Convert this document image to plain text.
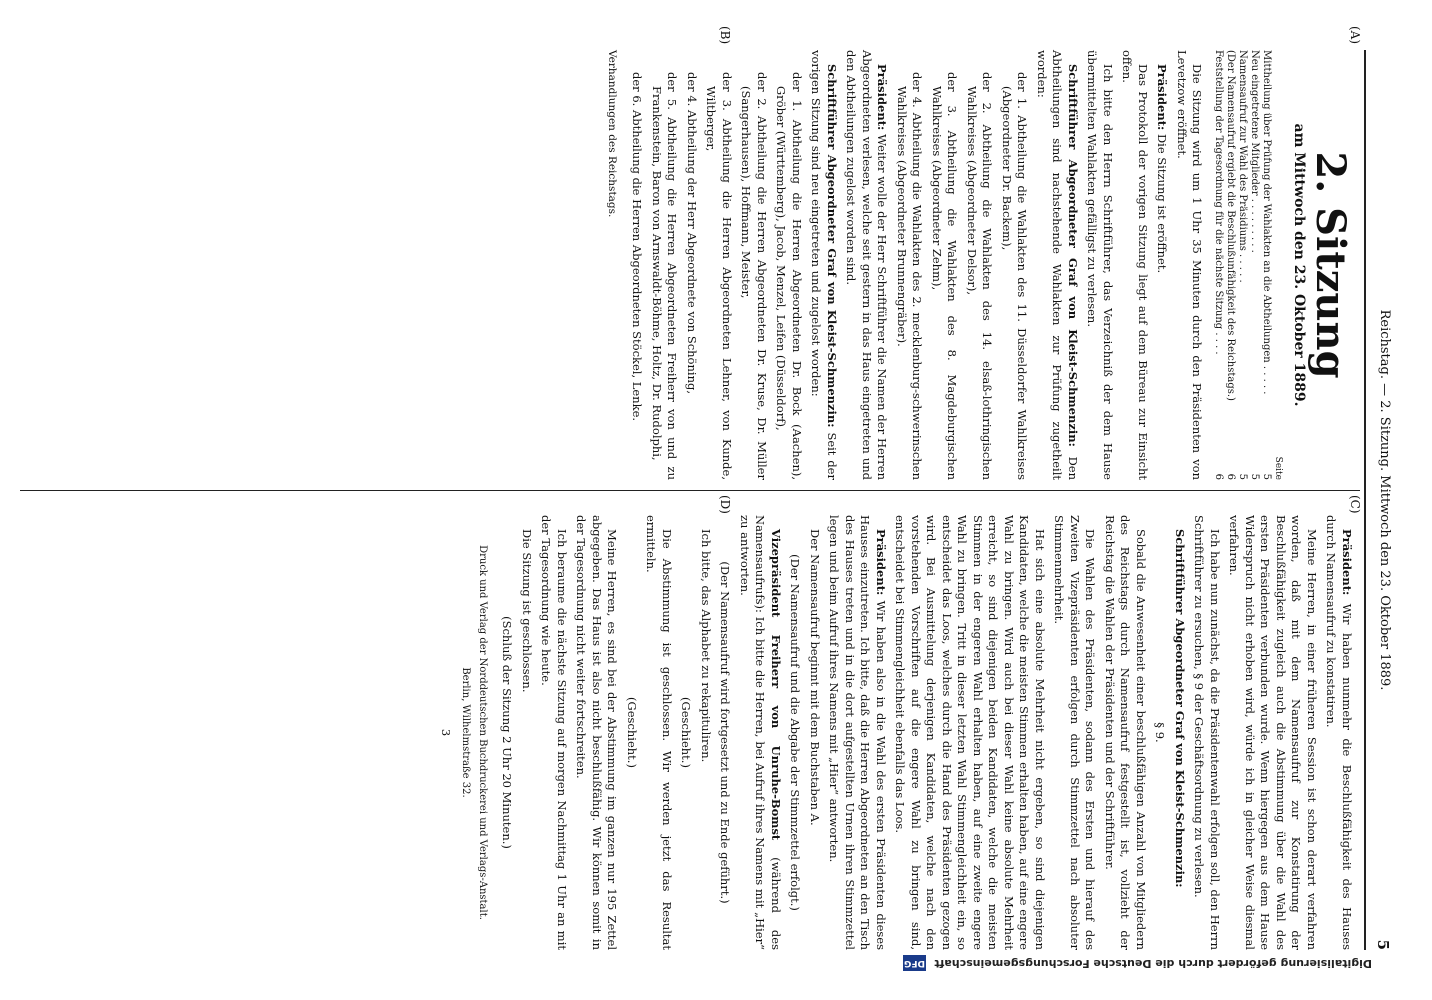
Reichstag. — 2. Sitzung. Mittwoch den 23. Oktober 1889.
5
(A)
(B)
(C)
(D)

2. Sitzung

am Mittwoch den 23. Oktober 1889.

Seite
Mittheilung über Prüfung der Wahlakten an die Abtheilungen . . . . .
5
Neu eingetretene Mitglieder . . . . . . . . .
5
Namensaufruf zur Wahl des Präsidiums . . . . .
5
(Der Namensaufruf ergiebt die Beschlußunfähigkeit des Reichstags.)
6
Feststellung der Tagesordnung für die nächste Sitzung . . . .
6

Die Sitzung wird um 1 Uhr 35 Minuten durch den Präsidenten von Levetzow eröffnet.

Präsident: Die Sitzung ist eröffnet.

Das Protokoll der vorigen Sitzung liegt auf dem Büreau zur Einsicht offen.

Ich bitte den Herrn Schriftführer, das Verzeichniß der dem Hause übermittelten Wahlakten gefälligst zu verlesen.

Schriftführer Abgeordneter Graf von Kleist-Schmenzin: Den Abtheilungen sind nachstehende Wahlakten zur Prüfung zugetheilt worden:

der 1. Abtheilung die Wahlakten des 11. Düsseldorfer Wahlkreises (Abgeordneter Dr. Backem),

der 2. Abtheilung die Wahlakten des 14. elsaß-lothringischen Wahlkreises (Abgeordneter Delsor),

der 3. Abtheilung die Wahlakten des 8. Magdeburgischen Wahlkreises (Abgeordneter Zehm),

der 4. Abtheilung die Wahlakten des 2. mecklenburg-schwerinschen Wahlkreises (Abgeordneter Brunnengräber).

Präsident: Weiter wolle der Herr Schriftführer die Namen der Herren Abgeordneten verlesen, welche seit gestern in das Haus eingetreten und den Abtheilungen zugelost worden sind.

Schriftführer Abgeordneter Graf von Kleist-Schmenzin: Seit der vorigen Sitzung sind neu eingetreten und zugelost worden:

der 1. Abtheilung die Herren Abgeordneten Dr. Bock (Aachen), Gröber (Württemberg), Jacob, Menzel, Leifen (Düsseldorf),

der 2. Abtheilung die Herren Abgeordneten Dr. Kruse, Dr. Müller (Sangerhausen), Hoffmann, Meister,

der 3. Abtheilung die Herren Abgeordneten Lehner, von Kunde, Wiltberger,

der 4. Abtheilung der Herr Abgeordnete von Schöning,

der 5. Abtheilung die Herren Abgeordneten Freiherr von und zu Frankenstein, Baron von Arnswaldt-Böhme, Holtz, Dr. Rudolphi,

der 6. Abtheilung die Herren Abgeordneten Stöckel, Lenke.

Verhandlungen des Reichstags.

Präsident: Wir haben nunmehr die Beschlußfähigkeit des Hauses durch Namensaufruf zu konstatiren.

Meine Herren, in einer früheren Session ist schon derart verfahren worden, daß mit dem Namensaufruf zur Konstatirung der Beschlußfähigkeit zugleich auch die Abstimmung über die Wahl des ersten Präsidenten verbunden wurde. Wenn hiergegen aus dem Hause Widerspruch nicht erhoben wird, würde ich in gleicher Weise diesmal verfahren.

Ich habe nun zunächst, da die Präsidentenwahl erfolgen soll, den Herrn Schriftführer zu ersuchen, § 9 der Geschäftsordnung zu verlesen.

Schriftführer Abgeordneter Graf von Kleist-Schmenzin:

§ 9.

Sobald die Anwesenheit einer beschlußfähigen Anzahl von Mitgliedern des Reichstags durch Namensaufruf festgestellt ist, vollzieht der Reichstag die Wahlen der Präsidenten und der Schriftführer.

Die Wahlen des Präsidenten, sodann des Ersten und hierauf des Zweiten Vizepräsidenten erfolgen durch Stimmzettel nach absoluter Stimmenmehrheit.

Hat sich eine absolute Mehrheit nicht ergeben, so sind diejenigen Kandidaten, welche die meisten Stimmen erhalten haben, auf eine engere Wahl zu bringen. Wird auch bei dieser Wahl keine absolute Mehrheit erreicht, so sind diejenigen beiden Kandidaten, welche die meisten Stimmen in der engeren Wahl erhalten haben, auf eine zweite engere Wahl zu bringen. Tritt in dieser letzten Wahl Stimmengleichheit ein, so entscheidet das Loos, welches durch die Hand des Präsidenten gezogen wird. Bei Ausmittelung derjenigen Kandidaten, welche nach den vorstehenden Vorschriften auf die engere Wahl zu bringen sind, entscheidet bei Stimmengleichheit ebenfalls das Loos.

Präsident: Wir haben also in die Wahl des ersten Präsidenten dieses Hauses einzutreten. Ich bitte, daß die Herren Abgeordneten an den Tisch des Hauses treten und in die dort aufgestellten Urnen ihren Stimmzettel legen und beim Aufruf ihres Namens mit „Hier“ antworten.

Der Namensaufruf beginnt mit dem Buchstaben A.

(Der Namensaufruf und die Abgabe der Stimmzettel erfolgt.)

Vizepräsident Freiherr von Unruhe-Bomst (während des Namensaufrufs): Ich bitte die Herren, bei Aufruf ihres Namens mit „Hier“ zu antworten.

(Der Namensaufruf wird fortgesetzt und zu Ende geführt.)

Ich bitte, das Alphabet zu rekapituliren.

(Geschieht.)

Die Abstimmung ist geschlossen. Wir werden jetzt das Resultat ermitteln.

(Geschieht.)

Meine Herren, es sind bei der Abstimmung im ganzen nur 195 Zettel abgegeben. Das Haus ist also nicht beschlußfähig. Wir können somit in der Tagesordnung nicht weiter fortschreiten.

Ich beraume die nächste Sitzung auf morgen Nachmittag 1 Uhr an mit der Tagesordnung wie heute.

Die Sitzung ist geschlossen.

(Schluß der Sitzung 2 Uhr 20 Minuten.)

Druck und Verlag der Norddeutschen Buchdruckerei und Verlags-Anstalt.

Berlin, Wilhelmstraße 32.

3

Digitalisierung gefördert durch die Deutsche Forschungsgemeinschaft DFG
